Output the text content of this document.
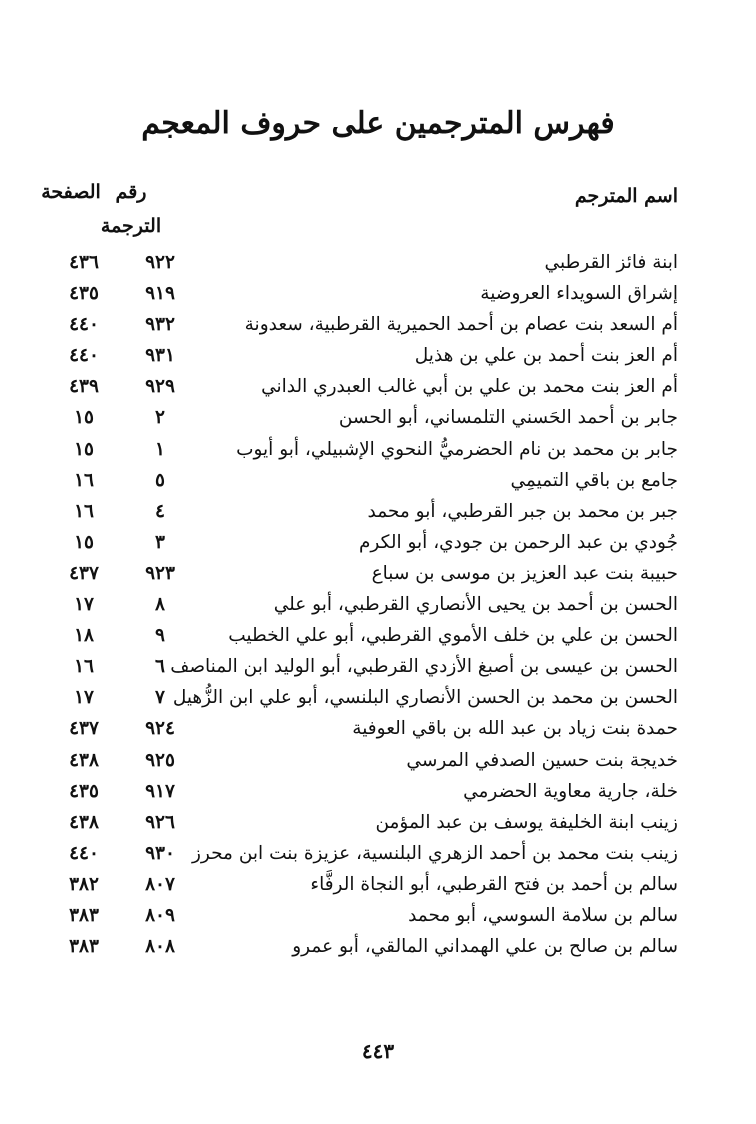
فهرس المترجمين على حروف المعجم
اسم المترجم
رقم الترجمة
الصفحة
ابنة فائز القرطبي
٩٢٢
٤٣٦
إشراق السويداء العروضية
٩١٩
٤٣٥
أم السعد بنت عصام بن أحمد الحميرية القرطبية، سعدونة
٩٣٢
٤٤٠
أم العز بنت أحمد بن علي بن هذيل
٩٣١
٤٤٠
أم العز بنت محمد بن علي بن أبي غالب العبدري الداني
٩٢٩
٤٣٩
جابر بن أحمد الحَسني التلمساني، أبو الحسن
٢
١٥
جابر بن محمد بن نام الحضرميُّ النحوي الإشبيلي، أبو أيوب
١
١٥
جامع بن باقي التميمِي
٥
١٦
جبر بن محمد بن جبر القرطبي، أبو محمد
٤
١٦
جُودي بن عبد الرحمن بن جودي، أبو الكرم
٣
١٥
حبيبة بنت عبد العزيز بن موسى بن سباع
٩٢٣
٤٣٧
الحسن بن أحمد بن يحيى الأنصاري القرطبي، أبو علي
٨
١٧
الحسن بن علي بن خلف الأموي القرطبي، أبو علي الخطيب
٩
١٨
الحسن بن عيسى بن أصبغ الأزدي القرطبي، أبو الوليد ابن المناصف
٦
١٦
الحسن بن محمد بن الحسن الأنصاري البلنسي، أبو علي ابن الزُّهيل
٧
١٧
حمدة بنت زياد بن عبد الله بن باقي العوفية
٩٢٤
٤٣٧
خديجة بنت حسين الصدفي المرسي
٩٢٥
٤٣٨
خلة، جارية معاوية الحضرمي
٩١٧
٤٣٥
زينب ابنة الخليفة يوسف بن عبد المؤمن
٩٢٦
٤٣٨
زينب بنت محمد بن أحمد الزهري البلنسية، عزيزة بنت ابن محرز
٩٣٠
٤٤٠
سالم بن أحمد بن فتح القرطبي، أبو النجاة الرفَّاء
٨٠٧
٣٨٢
سالم بن سلامة السوسي، أبو محمد
٨٠٩
٣٨٣
سالم بن صالح بن علي الهمداني المالقي، أبو عمرو
٨٠٨
٣٨٣
٤٤٣
